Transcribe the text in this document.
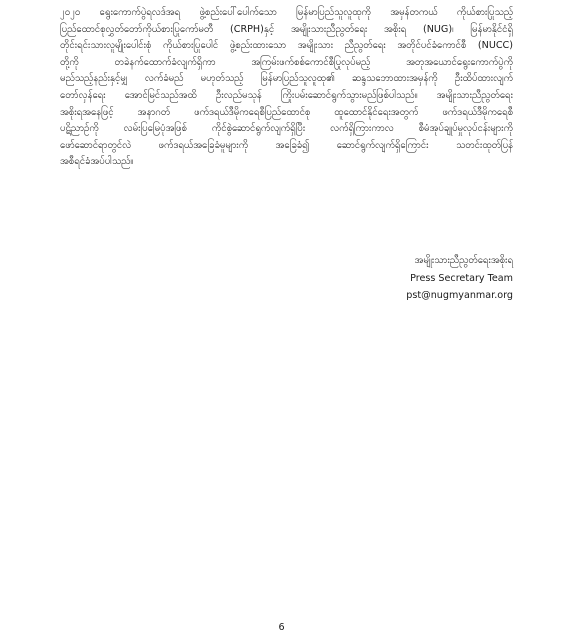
၂၀၂၀ ရွေးကောက်ပွဲရလဒ်အရ ဖွဲ့စည်းပေါ်ပေါက်သော မြန်မာပြည်သူလူထုကို အမှန်တကယ် ကိုယ်စားပြုသည့်
ပြည်ထောင်စုလွှတ်တော်ကိုယ်စားပြုကော်မတီ (CRPH)နှင့် အမျိုးသားညီညွတ်ရေး အစိုးရ (NUG)၊ မြန်မာနိုင်ငံရှိ
တိုင်းရင်းသားလူမျိုးပေါင်းစုံ ကိုယ်စားပြုပေါင် ဖွဲ့စည်းထားသော အမျိုးသား ညီညွတ်ရေး အတိုင်ပင်ခံကောင်စီ (NUCC)
တို့ကို တခဲနက်ထောက်ခံလျက်ရှိကာ အကြမ်းဖက်စစ်ကောင်စီပြုလုပ်မည့် အတုအယောင်ရွေးကောက်ပွဲကို
မည်သည့်နည်းနှင့်မျှ လက်ခံမည် မဟုတ်သည့် မြန်မာပြည်သူလူထု၏ ဆန္ဒသဘောထားအမှန်ကို ဦးထိပ်ထားလျက်
တော်လှန်ရေး အောင်မြင်သည်အထိ ဦးလည်မသုန် ကြိုးပမ်းဆောင်ရွက်သွားမည်ဖြစ်ပါသည်။ အမျိုးသားညီညွတ်ရေး
အစိုးရအနေဖြင့် အနာဂတ် ဖက်ဒရယ်ဒီမိုကရေစီပြည်ထောင်စု ထူထောင်နိုင်ရေးအတွက် ဖက်ဒရယ်ဒီမိုကရေစီ
ပဋိညာဉ်ကို လမ်းပြမြေပုံအဖြစ် ကိုင်စွဲဆောင်ရွက်လျက်ရှိပြီး လက်ရှိကြားကာလ စီမံအုပ်ချုပ်မှုလုပ်ငန်းများကို
ဖော်ဆောင်ရာတွင်လဲ ဖက်ဒရယ်အခြေခံမူများကို အခြေခံ၍ ဆောင်ရွက်လျက်ရှိကြောင်း သတင်းထုတ်ပြန်
အစီရင်ခံအပ်ပါသည်။

အမျိုးသားညီညွတ်ရေးအစိုးရ
Press Secretary Team
pst@nugmyanmar.org
6
